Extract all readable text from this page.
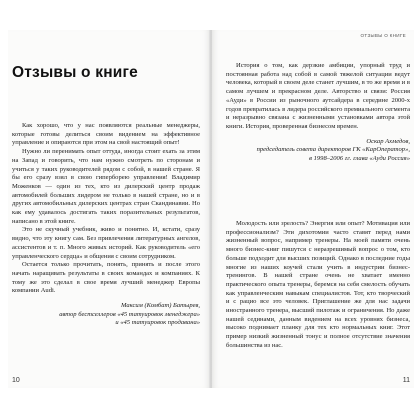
Отзывы о книге

Как хорошо, что у нас появляются реальные менеджеры, которые готовы делиться своим видением на эффективное управление и опираются при этом на свой настоящий опыт!

Нужно ли перенимать опыт оттуда, иногда стоит ехать за этим на Запад и говорить, что нам нужно смотреть по сторонам и учиться у таких руководителей рядом с собой, в нашей стране. Я бы его сразу взял в свою гиперборею управления! Владимир Моженков — один из тех, кто из дилерский центр продаж автомобилей больших лидером не только в нашей стране, но и в других автомобильных дилерских центрах стран Скандинавии. Но как ему удавалось достигать таких поразительных результатов, написано в этой книге.

Это не скучный учебник, живо и понятно. И, кстати, сразу видно, что эту книгу сам. Без привлечения литературных ангелов, ассистентов и т. п. Много живых историй. Как руководитель «его управленческого сердца» и общения с своим сотрудником.

Остается только прочитать, понять, принять и после этого начать наращивать результаты в своих командах и компаниях. К тому же это сделал в свое время лучший менеджер Европы компании Audi.

Максим (Комбат) Батырев,
автор бестселлеров «45 татуировок менеджера»
и «45 татуировок продавана»
10
ОТЗЫВЫ О КНИГЕ

История о том, как дерзкие амбиции, упорный труд и постоянная работа над собой в самой тяжелой ситуации ведут человека, который в своем деле станет лучшим, в то же время и в самом лучшем и прекрасном деле. Авторство и связи: Россия «Ауди» в России из рыночного аутсайдера в середине 2000-х годов превратилась в лидера российского премиального сегмента и неразрывно связана с жизненными установками автора этой книги. История, проверенная бизнесом времен.

Оскар Ахмедов,
председатель совета директоров ГК «КарОператор»,
в 1998–2006 гг. глава «Ауди Россия»

Молодость или зрелость? Энергия или опыт? Мотивация или профессионализм? Эти дихотомии часто ставят перед нами жизненный вопрос, например тренеры. На моей памяти очень много бизнес-книг пишутся с неразрешимый вопрос о том, кто больше подходит для высших позиций. Однако в последние годы многие из наших коучей стали учить в индустрии бизнес-тренингов. В нашей стране очень не хватает именно практического опыта тренеры, беремся на себя смелость обучать как управленческим навыкам специалистов. Тот, кто творческий и с рацио все это человек. Приглашение же для нас задачи иностранного тренера, высший пилотаж и ограничения. Но даже нашей сединами, данным видением на всех уровнях бизнеса, высоко поднимает планку для тех кто нормальных книг. Этот пример низкий жизненный тонус и полное отсутствие значения большинства из нас.

11
